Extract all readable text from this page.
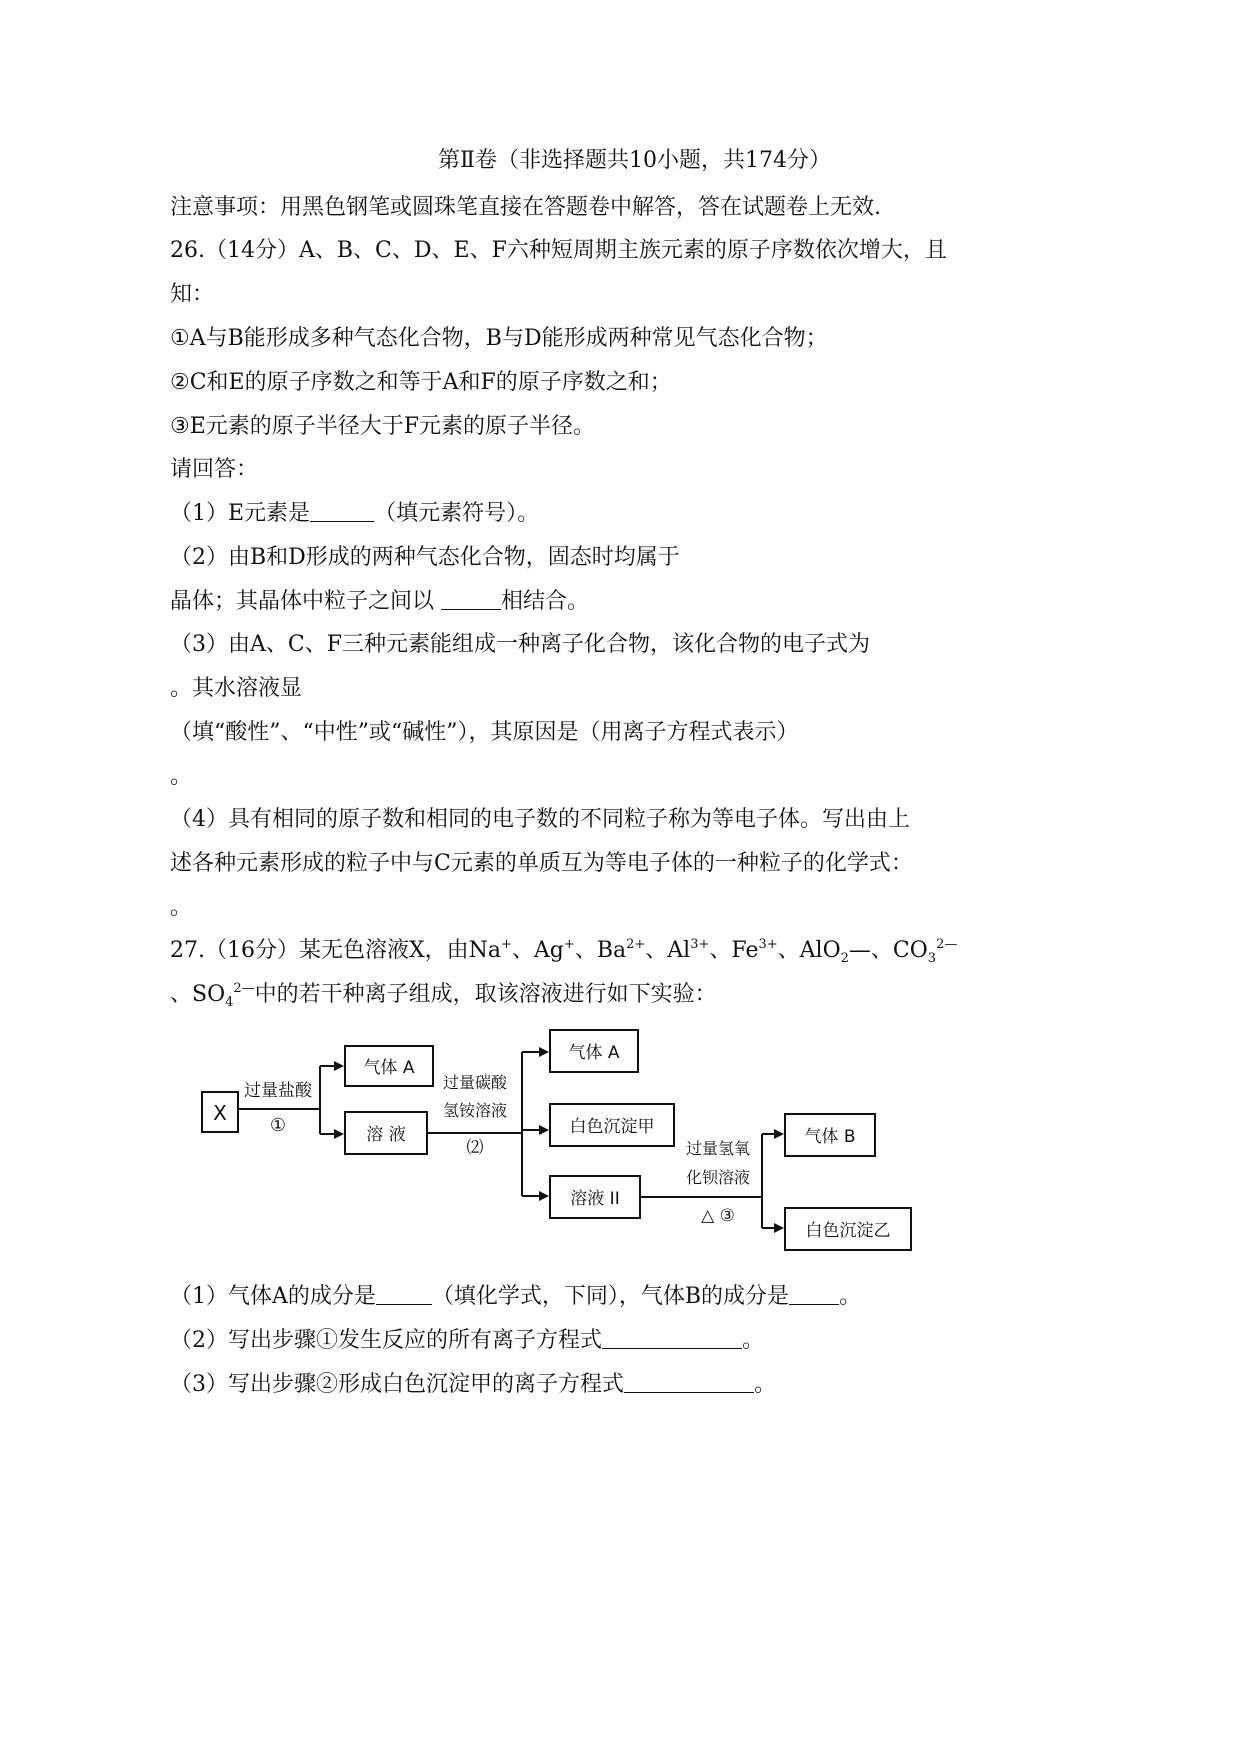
第Ⅱ卷（非选择题共10小题，共174分）
注意事项：用黑色钢笔或圆珠笔直接在答题卷中解答，答在试题卷上无效.
26.（14分）A、B、C、D、E、F六种短周期主族元素的原子序数依次增大，且
知：
①A与B能形成多种气态化合物，B与D能形成两种常见气态化合物；
②C和E的原子序数之和等于A和F的原子序数之和；
③E元素的原子半径大于F元素的原子半径。
请回答：
（1）E元素是	（填元素符号）。
（2）由B和D形成的两种气态化合物，固态时均属于
晶体；其晶体中粒子之间以	相结合。
（3）由A、C、F三种元素能组成一种离子化合物，该化合物的电子式为
。其水溶液显
（填“酸性”、“中性”或“碱性”），其原因是（用离子方程式表示）
。
（4）具有相同的原子数和相同的电子数的不同粒子称为等电子体。写出由上
述各种元素形成的粒子中与C元素的单质互为等电子体的一种粒子的化学式：
。
27.（16分）某无色溶液X，由Na+、Ag+、$Ba^{2+}$、$Al^{3+}$、$Fe^{3+}$、AlO$_2$—、$CO_3^{2—}$
、$SO_4^{2—}$中的若干种离子组成，取该溶液进行如下实验：
X
过量盐酸
①
气体 A
溶 液
过量碳酸
氢铵溶液
⑵
气体 A
白色沉淀甲
溶液 II
过量氢氧
化钡溶液
△ ③
气体 B
白色沉淀乙
（1）气体A的成分是	（填化学式，下同），气体B的成分是 。
（2）写出步骤①发生反应的所有离子方程式	。
（3）写出步骤②形成白色沉淀甲的离子方程式	。
